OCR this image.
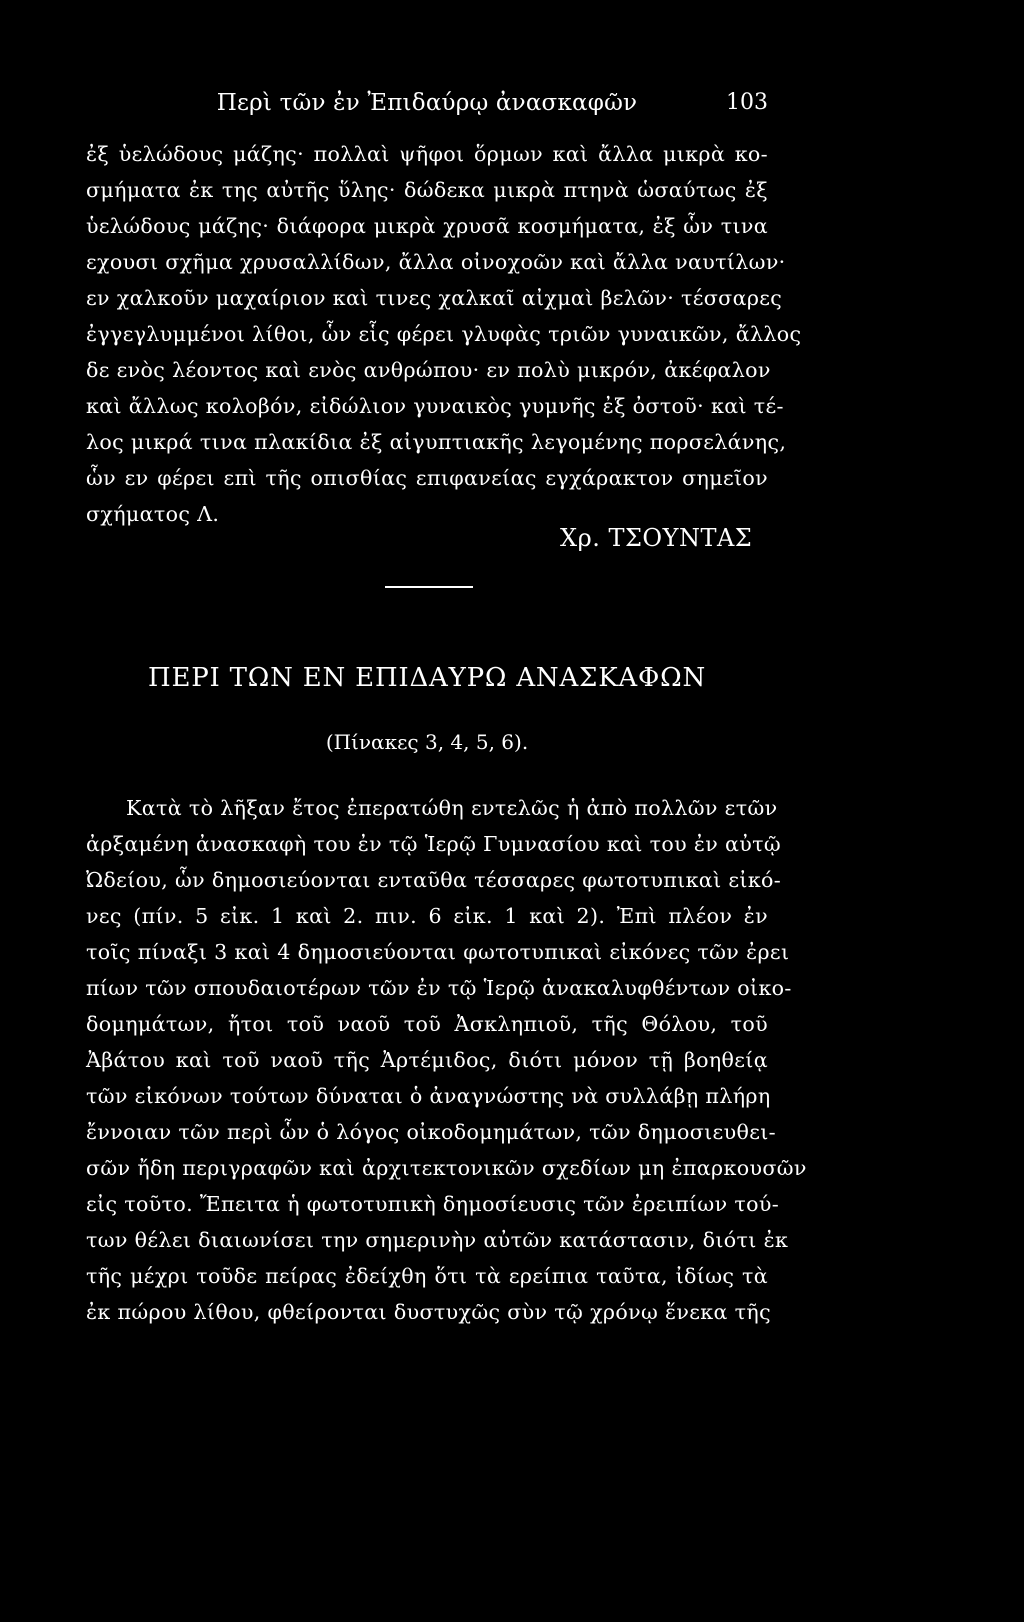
Περὶ τῶν ἐν Ἐπιδαύρῳ ἀνασκαφῶν	103
ἐξ ὑελώδους μάζης· πολλαὶ ψῆφοι ὅρμων καὶ ἄλλα μικρὰ κο-
σμήματα ἐκ της αὐτῆς ὕλης· δώδεκα μικρὰ πτηνὰ ὡσαύτως ἐξ
ὑελώδους μάζης· διάφορα μικρὰ χρυσᾶ κοσμήματα, ἐξ ὧν τινα
εχουσι σχῆμα χρυσαλλίδων, ἄλλα οἰνοχοῶν καὶ ἄλλα ναυτίλων·
εν χαλκοῦν μαχαίριον καὶ τινες χαλκαῖ αἰχμαὶ βελῶν· τέσσαρες
ἐγγεγλυμμένοι λίθοι, ὧν εἷς φέρει γλυφὰς τριῶν γυναικῶν, ἄλλος
δε ενὸς λέοντος καὶ ενὸς ανθρώπου· εν πολὺ μικρόν, ἀκέφαλον
καὶ ἄλλως κολοβόν, εἰδώλιον γυναικὸς γυμνῆς ἐξ ὀστοῦ· καὶ τέ-
λος μικρά τινα πλακίδια ἐξ αἰγυπτιακῆς λεγομένης πορσελάνης,
ὧν εν φέρει επὶ τῆς οπισθίας επιφανείας εγχάρακτον σημεῖον
σχήματος Λ.
Χρ. ΤΣΟΥΝΤΑΣ
ΠΕΡΙ ΤΩΝ ΕΝ ΕΠΙΔΑΥΡΩ ΑΝΑΣΚΑΦΩΝ
(Πίνακες 3, 4, 5, 6).
Κατὰ τὸ λῆξαν ἔτος ἐπερατώθη εντελῶς ἡ ἀπὸ πολλῶν ετῶν
ἀρξαμένη ἀνασκαφὴ του ἐν τῷ Ἱερῷ Γυμνασίου καὶ του ἐν αὐτῷ
Ὠδείου, ὧν δημοσιεύονται ενταῦθα τέσσαρες φωτοτυπικαὶ εἰκό-
νες (πίν. 5 εἰκ. 1 καὶ 2. πιν. 6 εἰκ. 1 καὶ 2). Ἐπὶ πλέον ἐν
τοῖς πίναξι 3 καὶ 4 δημοσιεύονται φωτοτυπικαὶ εἰκόνες τῶν ἐρει
πίων τῶν σπουδαιοτέρων τῶν ἐν τῷ Ἱερῷ ἀνακαλυφθέντων οἰκο-
δομημάτων, ἤτοι τοῦ ναοῦ τοῦ Ἀσκληπιοῦ, τῆς Θόλου, τοῦ
Ἀβάτου καὶ τοῦ ναοῦ τῆς Ἀρτέμιδος, διότι μόνον τῇ βοηθείᾳ
τῶν εἰκόνων τούτων δύναται ὁ ἀναγνώστης νὰ συλλάβῃ πλήρη
ἔννοιαν τῶν περὶ ὧν ὁ λόγος οἰκοδομημάτων, τῶν δημοσιευθει-
σῶν ἤδη περιγραφῶν καὶ ἀρχιτεκτονικῶν σχεδίων μη ἐπαρκουσῶν
εἰς τοῦτο. Ἔπειτα ἡ φωτοτυπικὴ δημοσίευσις τῶν ἐρειπίων τού-
των θέλει διαιωνίσει την σημερινὴν αὐτῶν κατάστασιν, διότι ἐκ
τῆς μέχρι τοῦδε πείρας ἐδείχθη ὅτι τὰ ερείπια ταῦτα, ἰδίως τὰ
ἐκ πώρου λίθου, φθείρονται δυστυχῶς σὺν τῷ χρόνῳ ἕνεκα τῆς
